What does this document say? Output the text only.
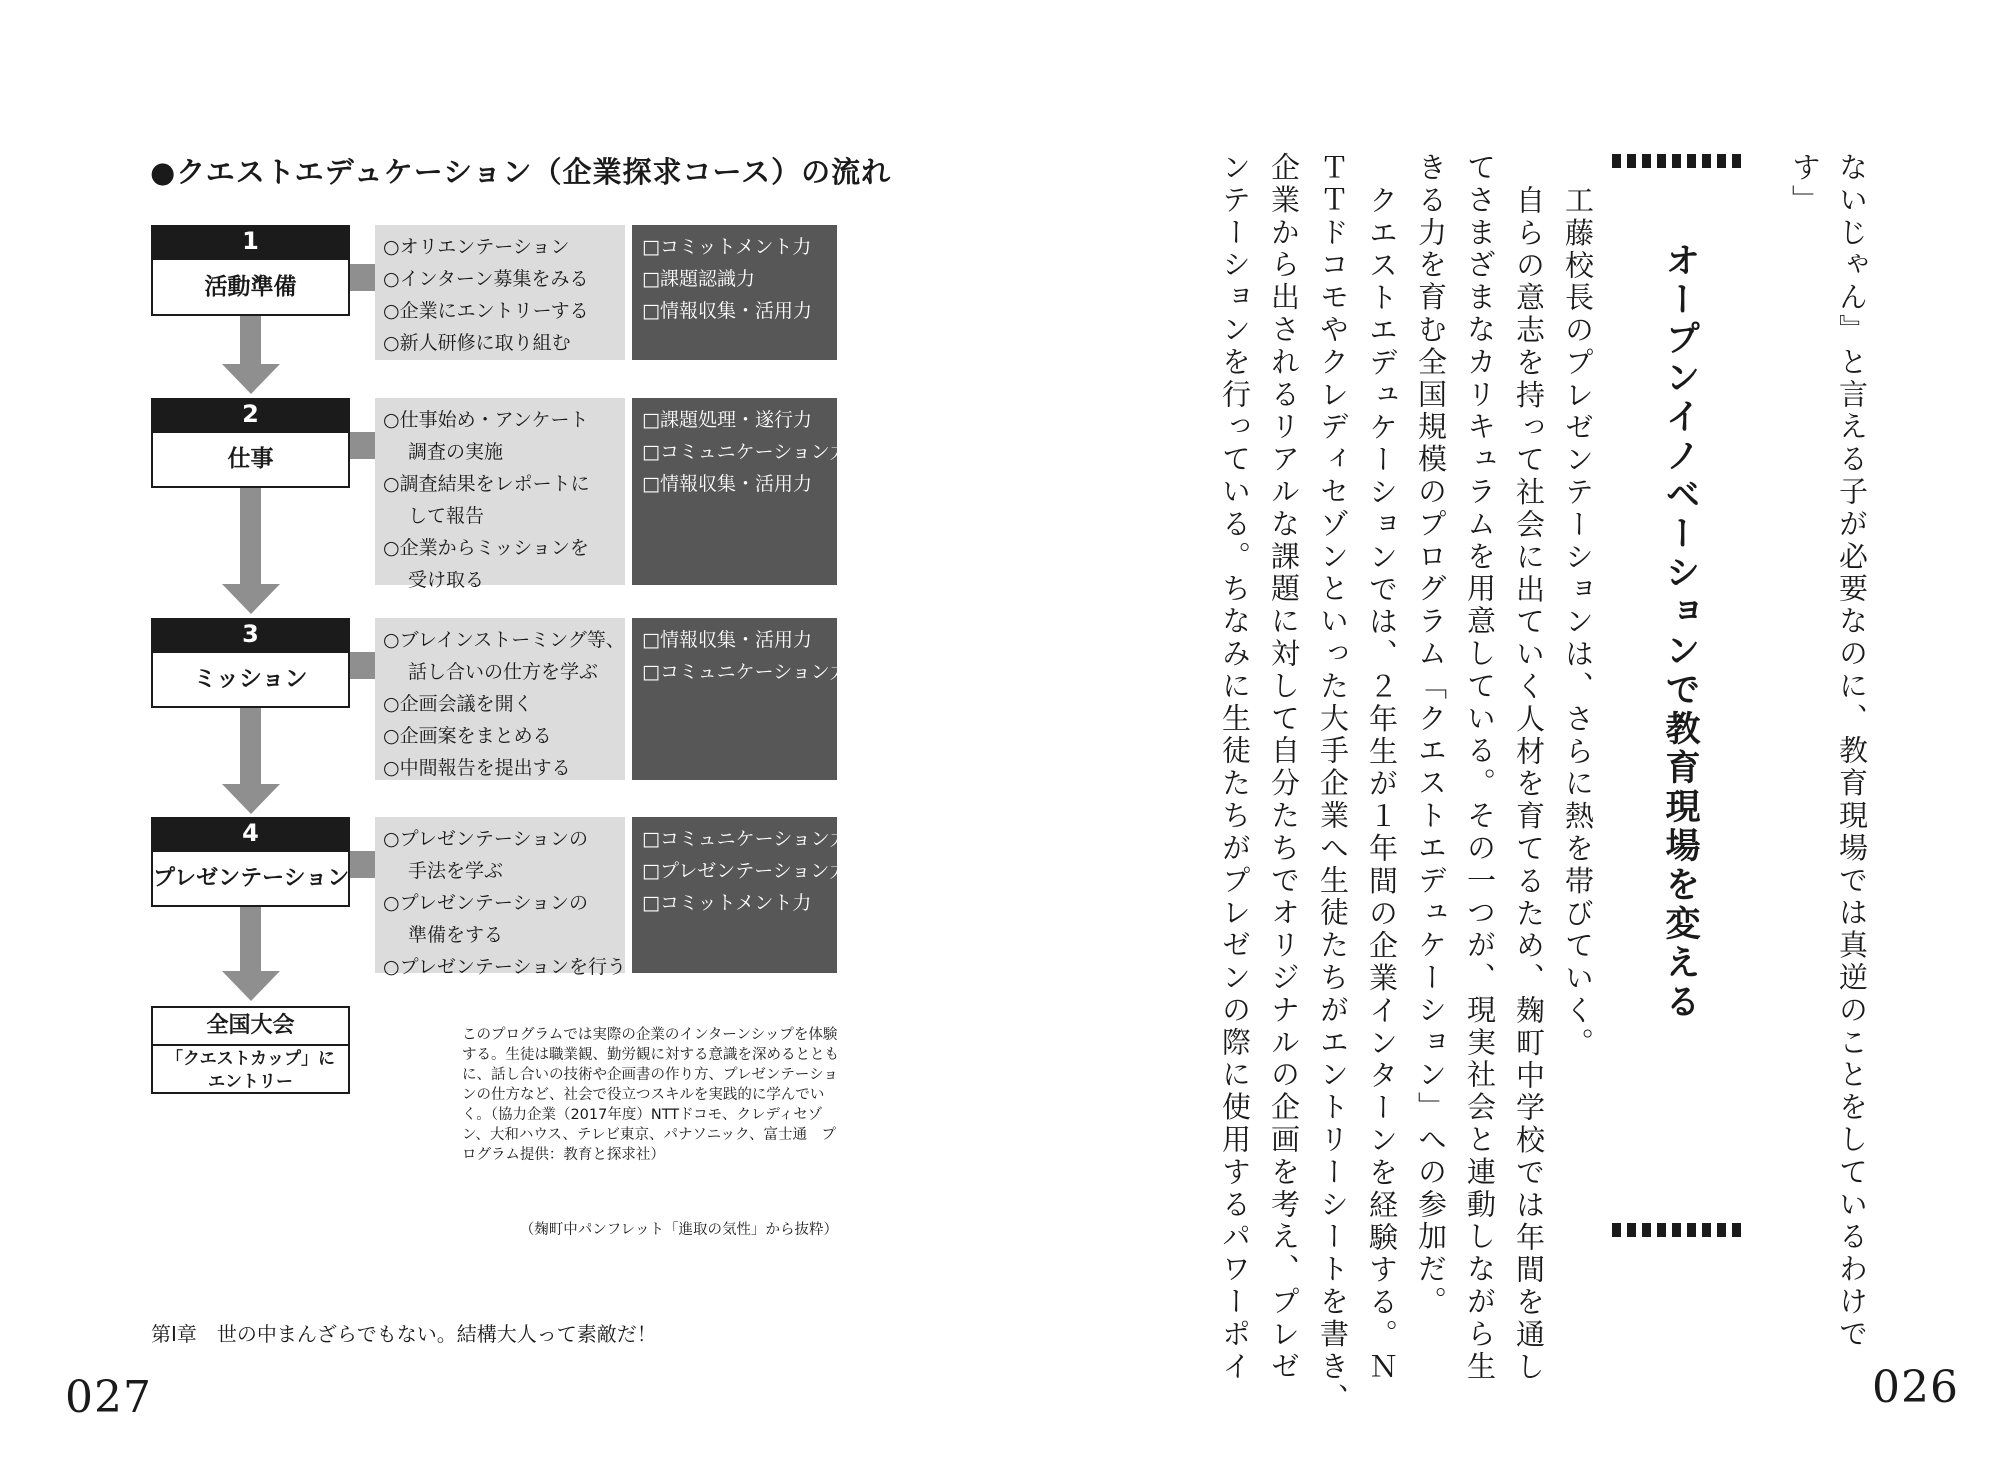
●クエストエデュケーション（企業探求コース）の流れ
1
活動準備
○オリエンテーション
○インターン募集をみる
○企業にエントリーする
○新人研修に取り組む
□コミットメント力
□課題認識力
□情報収集・活用力
2
仕事
○仕事始め・アンケート
調査の実施
○調査結果をレポートに
して報告
○企業からミッションを
受け取る
□課題処理・遂行力
□コミュニケーション力
□情報収集・活用力
3
ミッション
○ブレインストーミング等、
話し合いの仕方を学ぶ
○企画会議を開く
○企画案をまとめる
○中間報告を提出する
□情報収集・活用力
□コミュニケーション力
4
プレゼンテーション
○プレゼンテーションの
手法を学ぶ
○プレゼンテーションの
準備をする
○プレゼンテーションを行う
□コミュニケーション力
□プレゼンテーション力
□コミットメント力
全国大会
「クエストカップ」に
エントリー
このプログラムでは実際の企業のインターンシップを体験する。生徒は職業観、勤労観に対する意識を深めるとともに、話し合いの技術や企画書の作り方、プレゼンテーションの仕方など、社会で役立つスキルを実践的に学んでいく。（協力企業（2017年度）NTTドコモ、クレディセゾン、大和ハウス、テレビ東京、パナソニック、富士通　プログラム提供：教育と探求社）
（麹町中パンフレット「進取の気性」から抜粋）
第Ⅰ章　世の中まんざらでもない。結構大人って素敵だ！
027	026
ないじゃん』と言える子が必要なのに、教育現場では真逆のことをしているわけで
す」
オープンイノベーションで教育現場を変える
工藤校長のプレゼンテーションは、さらに熱を帯びていく。
自らの意志を持って社会に出ていく人材を育てるため、麹町中学校では年間を通し
てさまざまなカリキュラムを用意している。その一つが、現実社会と連動しながら生
きる力を育む全国規模のプログラム「クエストエデュケーション」への参加だ。
クエストエデュケーションでは、２年生が１年間の企業インターンを経験する。Ｎ
ＴＴドコモやクレディセゾンといった大手企業へ生徒たちがエントリーシートを書き、
企業から出されるリアルな課題に対して自分たちでオリジナルの企画を考え、プレゼ
ンテーションを行っている。ちなみに生徒たちがプレゼンの際に使用するパワーポイ
